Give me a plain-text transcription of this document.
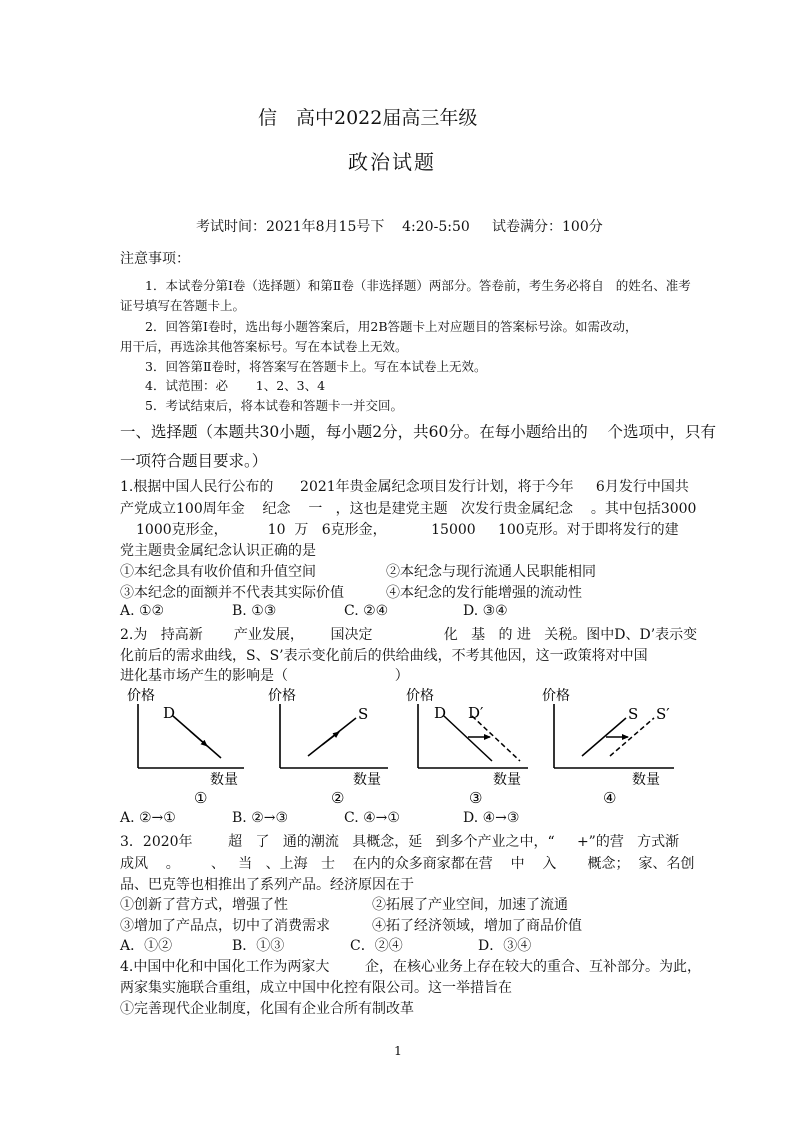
信 高中2022届高三年级
政治试题
考试时间：2021年8月15号下    4:20-5:50     试卷满分：100分
注意事项：
1．本试卷分第Ⅰ卷（选择题）和第Ⅱ卷（非选择题）两部分。答卷前，考生务必将自   的姓名、准考
证号填写在答题卡上。
2．回答第Ⅰ卷时，选出每小题答案后，用2B答题卡上对应题目的答案标号涂。如需改动，
用干后，再选涂其他答案标号。写在本试卷上无效。
3．回答第Ⅱ卷时，将答案写在答题卡上。写在本试卷上无效。
4．试范围：必       1、2、3、4
5．考试结束后，将本试卷和答题卡一并交回。
一、选择题（本题共30小题，每小题2分，共60分。在每小题给出的    个选项中，只有
一项符合题目要求。）
1.根据中国人民行公布的      2021年贵金属纪念项目发行计划，将于今年     6月发行中国共
产党成立100周年金    纪念    一   ，这也是建党主题   次发行贵金属纪念    。其中包括3000
1000克形金，         10  万   6克形金，          15000     100克形。对于即将发行的建
党主题贵金属纪念认识正确的是
①本纪念具有收价值和升值空间	②本纪念与现行流通人民职能相同
③本纪念的面额并不代表其实际价值	④本纪念的发行能增强的流动性
A. ①②	B. ①③	C. ②④	D. ③④
2.为   持高新       产业发展，      国决定                化   基   的 进   关税。图中D、D’表示变
化前后的需求曲线，S、S’表示变化前后的供给曲线，不考其他因，这一政策将对中国
进化基市场产生的影响是（                        ）
价格
数量
D
①
价格
数量
S
②
价格
数量
D D′
③
价格
数量
S S′
④
A. ②→①	B. ②→③	C. ④→①	D. ④→③
3．2020年        超   了   通的潮流   具概念，延   到多个产业之中，“     +”的营   方式渐
成风    。       、   当   、上海   士    在内的众多商家都在营    中    入       概念；  家、名创
品、巴克等也相推出了系列产品。经济原因在于
①创新了营方式，增强了性	②拓展了产业空间，加速了流通
③增加了产品点，切中了消费需求	④拓了经济领域，增加了商品价值
A．①②	B．①③	C．②④	D．③④
4.中国中化和中国化工作为两家大        企，在核心业务上存在较大的重合、互补部分。为此，
两家集实施联合重组，成立中国中化控有限公司。这一举措旨在
①完善现代企业制度，化国有企业合所有制改革
1
